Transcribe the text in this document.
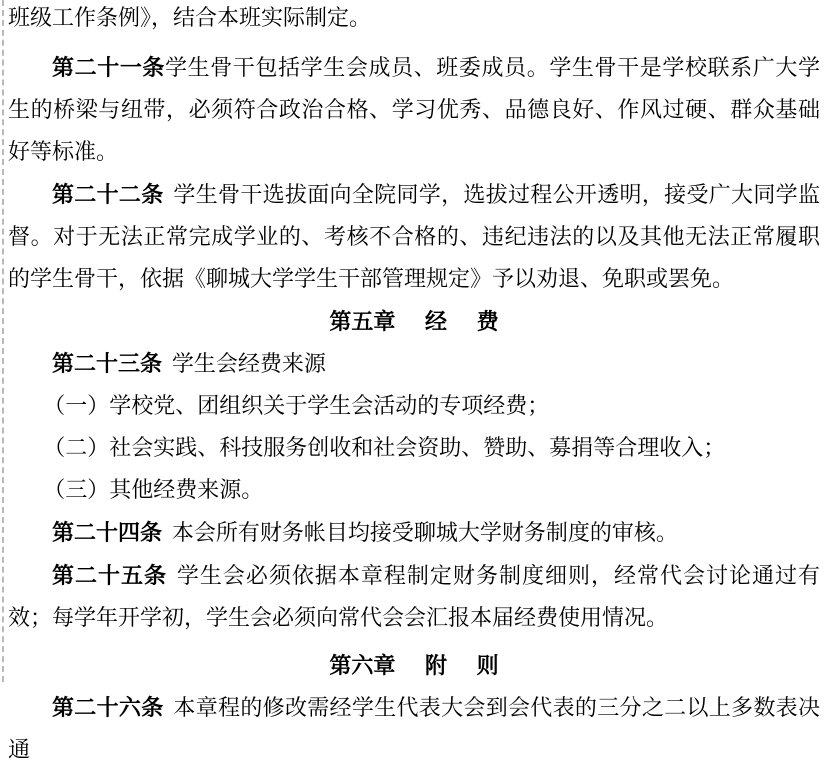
班级工作条例》，结合本班实际制定。

第二十一条学生骨干包括学生会成员、班委成员。学生骨干是学校联系广大学生的桥梁与纽带，必须符合政治合格、学习优秀、品德良好、作风过硬、群众基础好等标准。

第二十二条 学生骨干选拔面向全院同学，选拔过程公开透明，接受广大同学监督。对于无法正常完成学业的、考核不合格的、违纪违法的以及其他无法正常履职的学生骨干，依据《聊城大学学生干部管理规定》予以劝退、免职或罢免。

第五章　 经　 费

第二十三条 学生会经费来源

（一）学校党、团组织关于学生会活动的专项经费；

（二）社会实践、科技服务创收和社会资助、赞助、募捐等合理收入；

（三）其他经费来源。

第二十四条 本会所有财务帐目均接受聊城大学财务制度的审核。

第二十五条 学生会必须依据本章程制定财务制度细则，经常代会讨论通过有效；每学年开学初，学生会必须向常代会会汇报本届经费使用情况。

第六章　 附　 则

第二十六条 本章程的修改需经学生代表大会到会代表的三分之二以上多数表决通
